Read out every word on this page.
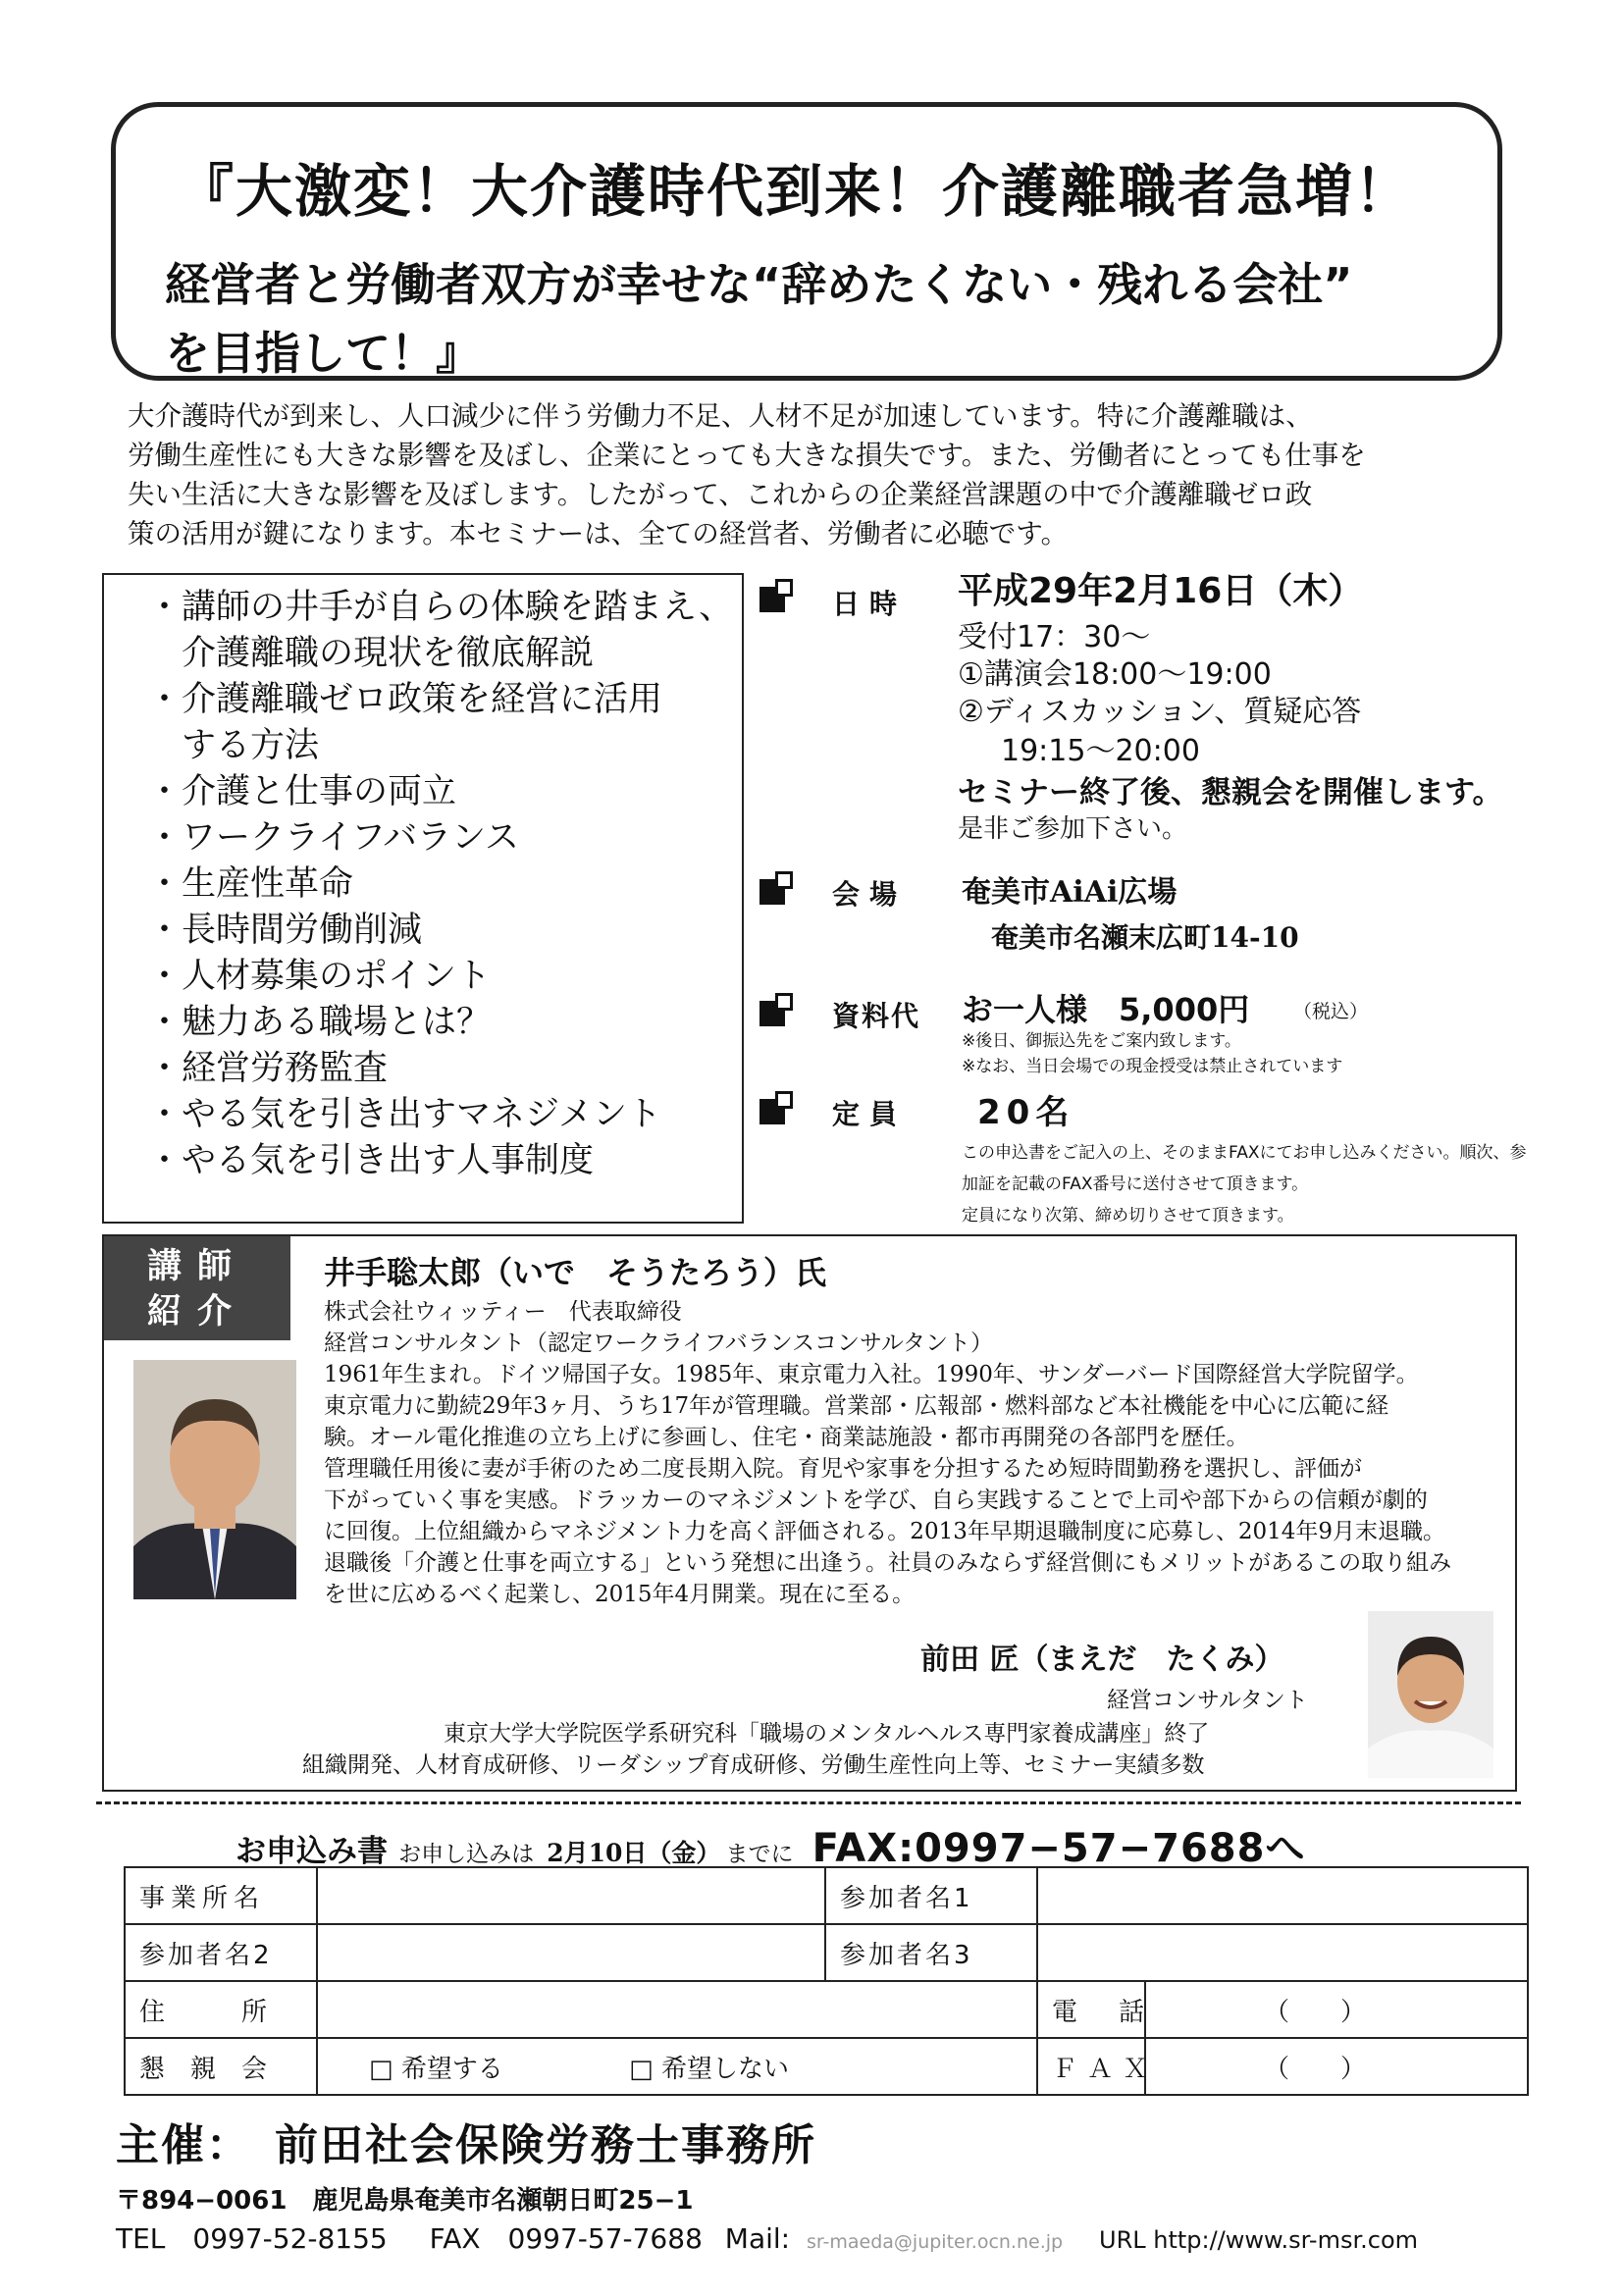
『大激変！大介護時代到来！介護離職者急増！
経営者と労働者双方が幸せな“辞めたくない・残れる会社”
を目指して！』

大介護時代が到来し、人口減少に伴う労働力不足、人材不足が加速しています。特に介護離職は、

労働生産性にも大きな影響を及ぼし、企業にとっても大きな損失です。また、労働者にとっても仕事を

失い生活に大きな影響を及ぼします。したがって、これからの企業経営課題の中で介護離職ゼロ政

策の活用が鍵になります。本セミナーは、全ての経営者、労働者に必聴です。

・講師の井手が自らの体験を踏まえ、
　介護離職の現状を徹底解説
・介護離職ゼロ政策を経営に活用
　する方法
・介護と仕事の両立
・ワークライフバランス
・生産性革命
・長時間労働削減
・人材募集のポイント
・魅力ある職場とは？
・経営労務監査
・やる気を引き出すマネジメント
・やる気を引き出す人事制度
日時 平成29年2月16日（木）
受付17：30～
①講演会18:00～19:00
②ディスカッション、質疑応答
19:15～20:00
セミナー終了後、懇親会を開催します。
是非ご参加下さい。
会場 奄美市AiAi広場
奄美市名瀬末広町14-10
資料代 お一人様　5,000円 （税込）
※後日、御振込先をご案内致します。
※なお、当日会場での現金授受は禁止されています
定員 20名
この申込書をご記入の上、そのままFAXにてお申し込みください。順次、参
加証を記載のFAX番号に送付させて頂きます。
定員になり次第、締め切りさせて頂きます。
講師
紹介
井手聡太郎（いで　そうたろう）氏
株式会社ウィッティー　代表取締役
経営コンサルタント（認定ワークライフバランスコンサルタント）
1961年生まれ。ドイツ帰国子女。1985年、東京電力入社。1990年、サンダーバード国際経営大学院留学。
東京電力に勤続29年3ヶ月、うち17年が管理職。営業部・広報部・燃料部など本社機能を中心に広範に経
験。オール電化推進の立ち上げに参画し、住宅・商業誌施設・都市再開発の各部門を歴任。
管理職任用後に妻が手術のため二度長期入院。育児や家事を分担するため短時間勤務を選択し、評価が
下がっていく事を実感。ドラッカーのマネジメントを学び、自ら実践することで上司や部下からの信頼が劇的
に回復。上位組織からマネジメント力を高く評価される。2013年早期退職制度に応募し、2014年9月末退職。
退職後「介護と仕事を両立する」という発想に出逢う。社員のみならず経営側にもメリットがあるこの取り組み
を世に広めるべく起業し、2015年4月開業。現在に至る。
前田 匠（まえだ　たくみ）
経営コンサルタント
東京大学大学院医学系研究科「職場のメンタルヘルス専門家養成講座」終了
組織開発、人材育成研修、リーダシップ育成研修、労働生産性向上等、セミナー実績多数
お申込み書 お申し込みは 2月10日（金） までに FAX:0997−57−7688へ
事業所名		参加者名1		
参加者名2		参加者名3		
住　　　所			電　話	（　　）
懇　親　会	□ 希望する □ 希望しない		ＦＡＸ	（　　）
主催：　前田社会保険労務士事務所
〒894−0061　鹿児島県奄美市名瀬朝日町25−1
TEL　0997-52-8155 FAX　0997-57-7688 Mail: sr-maeda@jupiter.ocn.ne.jp URL http://www.sr-msr.com
